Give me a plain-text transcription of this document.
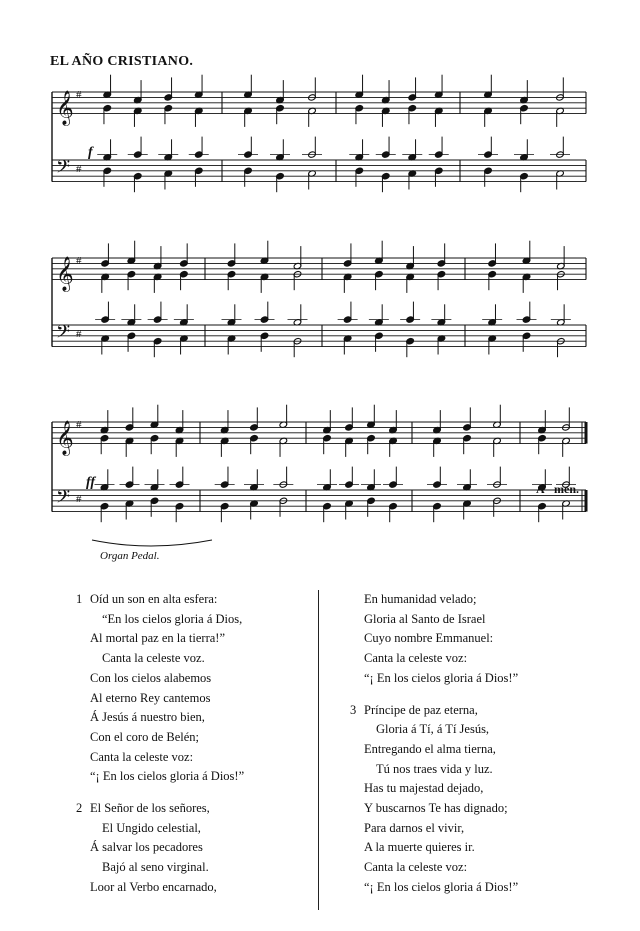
EL AÑO CRISTIANO.
𝄞
𝄢
#
#
𝄞
𝄢
#
#
𝄞
𝄢
#
#
f
ff
Organ Pedal.
A - men.
1 Oíd un son en alta esfera:
“En los cielos gloria á Dios,
Al mortal paz en la tierra!”
Canta la celeste voz.
Con los cielos alabemos
Al eterno Rey cantemos
Á Jesús á nuestro bien,
Con el coro de Belén;
Canta la celeste voz:
“¡ En los cielos gloria á Dios!”
2 El Señor de los señores,
El Ungido celestial,
Á salvar los pecadores
Bajó al seno virginal.
Loor al Verbo encarnado,
En humanidad velado;
Gloria al Santo de Israel
Cuyo nombre Emmanuel:
Canta la celeste voz:
“¡ En los cielos gloria á Dios!”
3 Príncipe de paz eterna,
Gloria á Tí, á Tí Jesús,
Entregando el alma tierna,
Tú nos traes vida y luz.
Has tu majestad dejado,
Y buscarnos Te has dignado;
Para darnos el vivir,
A la muerte quieres ir.
Canta la celeste voz:
“¡ En los cielos gloria á Dios!”
